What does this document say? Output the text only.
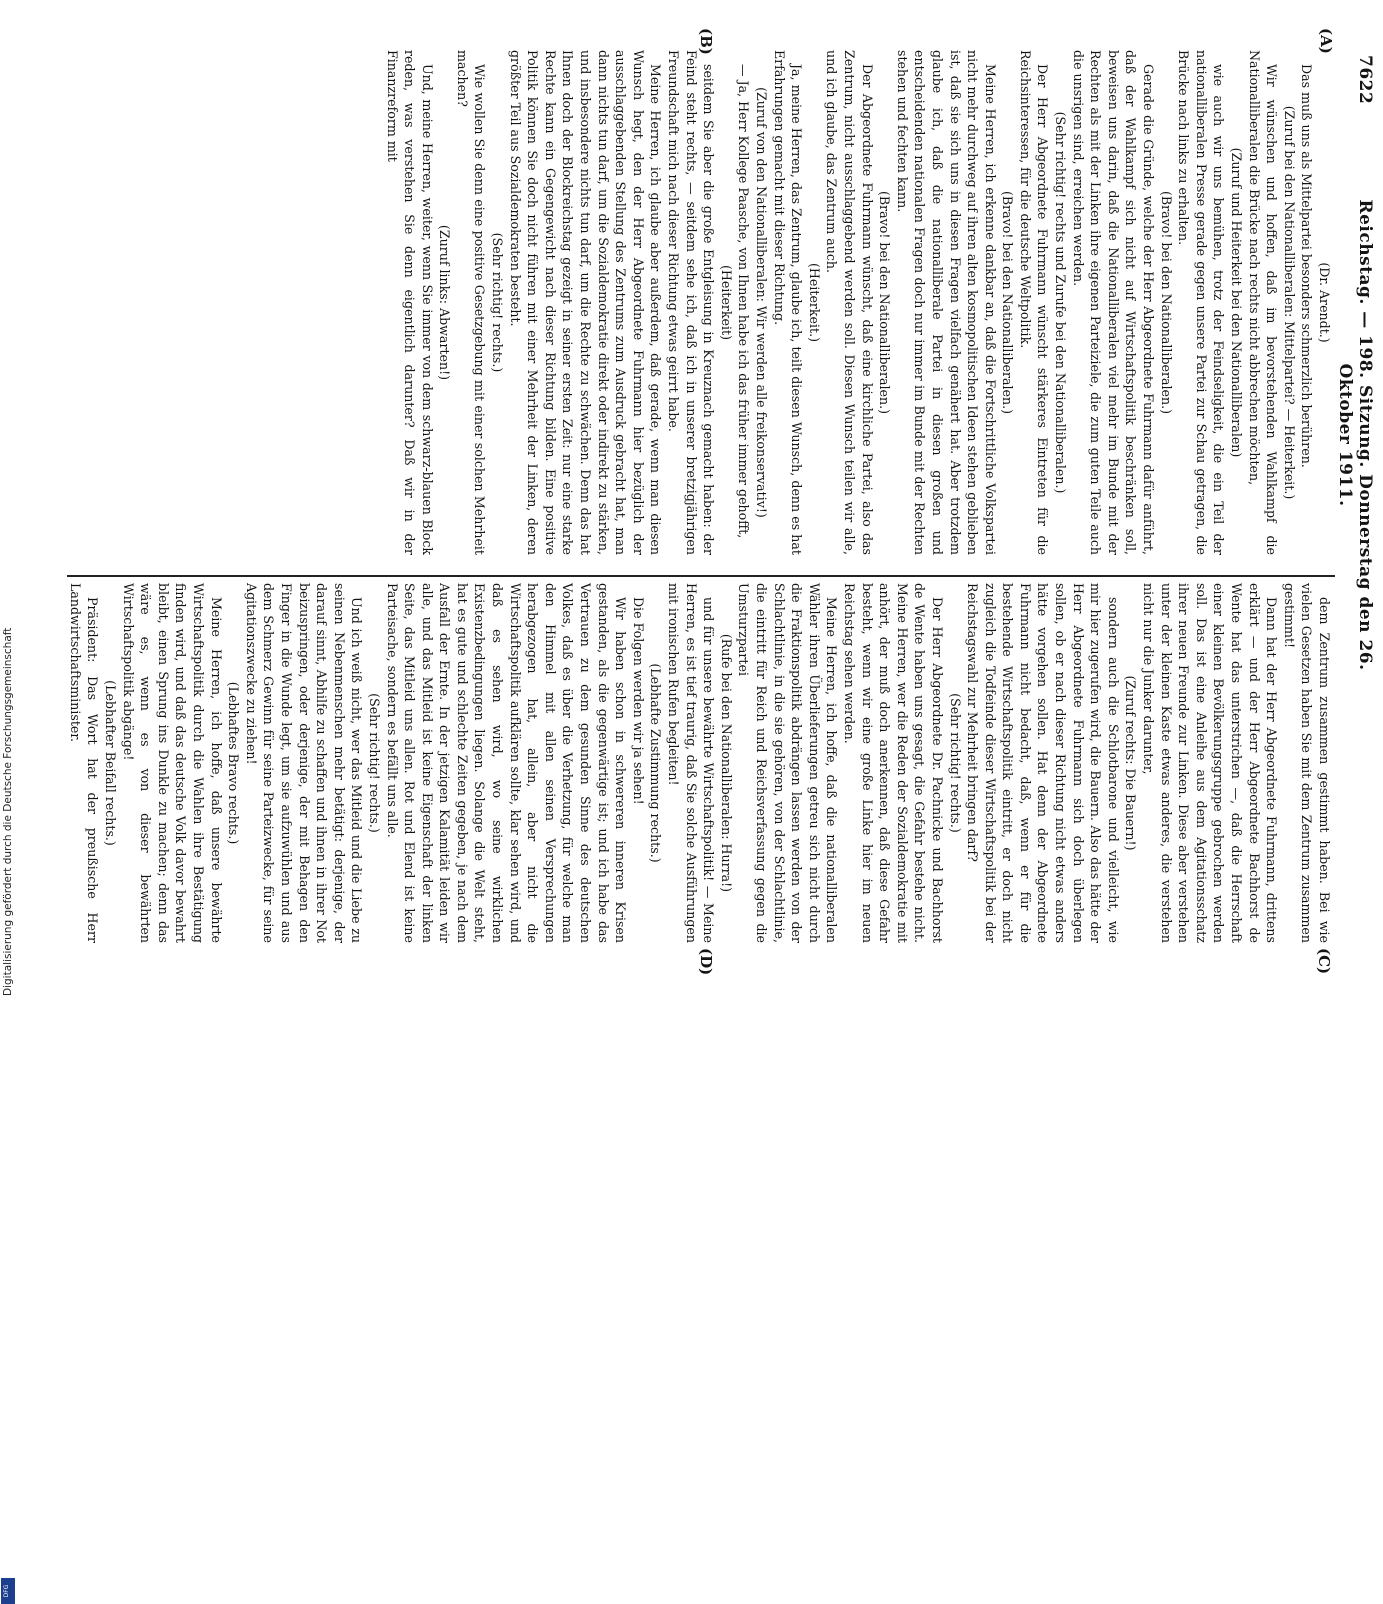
7622
Reichstag. — 198. Sitzung. Donnerstag den 26. Oktober 1911.
(A)
(B)
(C)
(D)

(Dr. Arendt.)

Das muß uns als Mittelpartei besonders schmerzlich berühren.

(Zuruf bei den Nationalliberalen: Mittelpartei? — Heiterkeit.)

Wir wünschen und hoffen, daß im bevorstehenden Wahlkampf die Nationalliberalen die Brücke nach rechts nicht abbrechen möchten,

(Zuruf und Heiterkeit bei den Nationalliberalen)

wie auch wir uns bemühen, trotz der Feindseligkeit, die ein Teil der nationalliberalen Presse gerade gegen unsere Partei zur Schau getragen, die Brücke nach links zu erhalten.

(Bravo! bei den Nationalliberalen.)

Gerade die Gründe, welche der Herr Abgeordnete Fuhrmann dafür anführt, daß der Wahlkampf sich nicht auf Wirtschaftspolitik beschränken soll, beweisen uns darin, daß die Nationalliberalen viel mehr im Bunde mit der Rechten als mit der Linken ihre eigenen Parteiziele, die zum guten Teile auch die unsrigen sind, erreichen werden.

(Sehr richtig! rechts und Zurufe bei den Nationalliberalen.)

Der Herr Abgeordnete Fuhrmann wünscht stärkeres Eintreten für die Reichsinteressen, für die deutsche Weltpolitik.

(Bravo! bei den Nationalliberalen.)

Meine Herren, ich erkenne dankbar an, daß die Fortschrittliche Volkspartei nicht mehr durchweg auf ihren alten kosmopolitischen Ideen stehen geblieben ist, daß sie sich uns in diesen Fragen vielfach genähert hat. Aber trotzdem glaube ich, daß die nationalliberale Partei in diesen großen und entscheidenden nationalen Fragen doch nur immer im Bunde mit der Rechten stehen und fechten kann.

(Bravo! bei den Nationalliberalen.)

Der Abgeordnete Fuhrmann wünscht, daß eine kirchliche Partei, also das Zentrum, nicht ausschlaggebend werden soll. Diesen Wunsch teilen wir alle, und ich glaube, das Zentrum auch.

(Heiterkeit.)

Ja, meine Herren, das Zentrum, glaube ich, teilt diesen Wunsch, denn es hat Erfahrungen gemacht mit dieser Richtung.

(Zuruf von den Nationalliberalen: Wir werden alle freikonservativ!)

— Ja, Herr Kollege Paasche, von Ihnen habe ich das früher immer gehofft,

(Heiterkeit)

seitdem Sie aber die große Entgleisung in Kreuznach gemacht haben: der Feind steht rechts, — seitdem sehe ich, daß ich in unserer bretzigjährigen Freundschaft mich nach dieser Richtung etwas geirrt habe.

Meine Herren, ich glaube aber außerdem, daß gerade, wenn man diesen Wunsch hegt, den der Herr Abgeordnete Fuhrmann hier bezüglich der ausschlaggebenden Stellung des Zentrums zum Ausdruck gebracht hat, man dann nichts tun darf, um die Sozialdemokratie direkt oder indirekt zu stärken, und insbesondere nichts tun darf, um die Rechte zu schwächen. Denn das hat Ihnen doch der Blockreichstag gezeigt in seiner ersten Zeit: nur eine starke Rechte kann ein Gegengewicht nach dieser Richtung bilden. Eine positive Politik können Sie doch nicht führen mit einer Mehrheit der Linken, deren größter Teil aus Sozialdemokraten besteht.

(Sehr richtig! rechts.)

Wie wollen Sie denn eine positive Gesetzgebung mit einer solchen Mehrheit machen?

(Zuruf links: Abwarten!)

Und, meine Herren, weiter, wenn Sie immer von dem schwarz-blauen Block reden, was verstehen Sie denn eigentlich darunter? Daß wir in der Finanzreform mit

dem Zentrum zusammen gestimmt haben. Bei wie vielen Gesetzen haben Sie mit dem Zentrum zusammen gestimmt!

Dann hat der Herr Abgeordnete Fuhrmann, drittens erklärt — und der Herr Abgeordnete Bachhorst de Wente hat das unterstrichen —, daß die Herrschaft einer kleinen Bevölkerungsgruppe gebrochen werden soll. Das ist eine Anleihe aus dem Agitationsschatz ihrer neuen Freunde zur Linken. Diese aber verstehen unter der kleinen Kaste etwas anderes, die verstehen nicht nur die Junker darunter,

(Zuruf rechts: Die Bauern!)

sondern auch die Schlotbarone und vielleicht, wie mir hier zugerufen wird, die Bauern. Also das hätte der Herr Abgeordnete Fuhrmann sich doch überlegen sollen, ob er nach dieser Richtung nicht etwas anders hätte vorgehen sollen. Hat denn der Abgeordnete Fuhrmann nicht bedacht, daß, wenn er für die bestehende Wirtschaftspolitik eintritt, er doch nicht zugleich die Todfeinde dieser Wirtschaftspolitik bei der Reichstagswahl zur Mehrheit bringen darf?

(Sehr richtig! rechts.)

Der Herr Abgeordnete Dr. Pachnicke und Bachhorst de Wente haben uns gesagt, die Gefahr bestehe nicht. Meine Herren, wer die Reden der Sozialdemokratie mit anhört, der muß doch anerkennen, daß diese Gefahr besteht, wenn wir eine große Linke hier im neuen Reichstag sehen werden.

Meine Herren, ich hoffe, daß die nationalliberalen Wähler ihren Überlieferungen getreu sich nicht durch die Fraktionspolitik abdrängen lassen werden von der Schlachtlinie, in die sie gehören, von der Schlachtlinie, die eintritt für Reich und Reichsverfassung gegen die Umsturzpartei

(Rufe bei den Nationalliberalen: Hurra!)

und für unsere bewährte Wirtschaftspolitik! — Meine Herren, es ist tief traurig, daß Sie solche Ausführungen mit ironischen Rufen begleiten!

(Lebhafte Zustimmung rechts.)

Die Folgen werden wir ja sehen!

Wir haben schon in schwereren inneren Krisen gestanden, als die gegenwärtige ist; und ich habe das Vertrauen zu dem gesunden Sinne des deutschen Volkes, daß es über die Verhetzung, für welche man den Himmel mit allen seinen Versprechungen herabgezogen hat, allein, aber nicht die Wirtschaftspolitik aufklären sollte, klar sehen wird, und daß es sehen wird, wo seine wirklichen Existenzbedingungen liegen. Solange die Welt steht, hat es gute und schlechte Zeiten gegeben, je nach dem Ausfall der Ernte. In der jetzigen Kalamität leiden wir alle, und das Mitleid ist keine Eigenschaft der linken Seite, das Mitleid uns allen. Rot und Elend ist keine Parteisache, sondern es befällt uns alle.

(Sehr richtig! rechts.)

Und ich weiß nicht, wer das Mitleid und die Liebe zu seinen Nebenmenschen mehr betätigt: derjenige, der darauf sinnt, Abhilfe zu schaffen und ihnen in ihrer Not beizuspringen, oder derjenige, der mit Behagen den Finger in die Wunde legt, um sie aufzuwühlen und aus dem Schmerz Gewinn für seine Parteizwecke, für seine Agitationszwecke zu ziehen!

(Lebhaftes Bravo rechts.)

Meine Herren, ich hoffe, daß unsere bewährte Wirtschaftspolitik durch die Wahlen ihre Bestätigung finden wird, und daß das deutsche Volk davor bewahrt bleibt, einen Sprung ins Dunkle zu machen; denn das wäre es, wenn es von dieser bewährten Wirtschaftspolitik abgänge!

(Lebhafter Beifall rechts.)

Präsident: Das Wort hat der preußische Herr Landwirtschaftsminister.

Digitalisierung gefördert durch die Deutsche Forschungsgemeinschaft
DFG
